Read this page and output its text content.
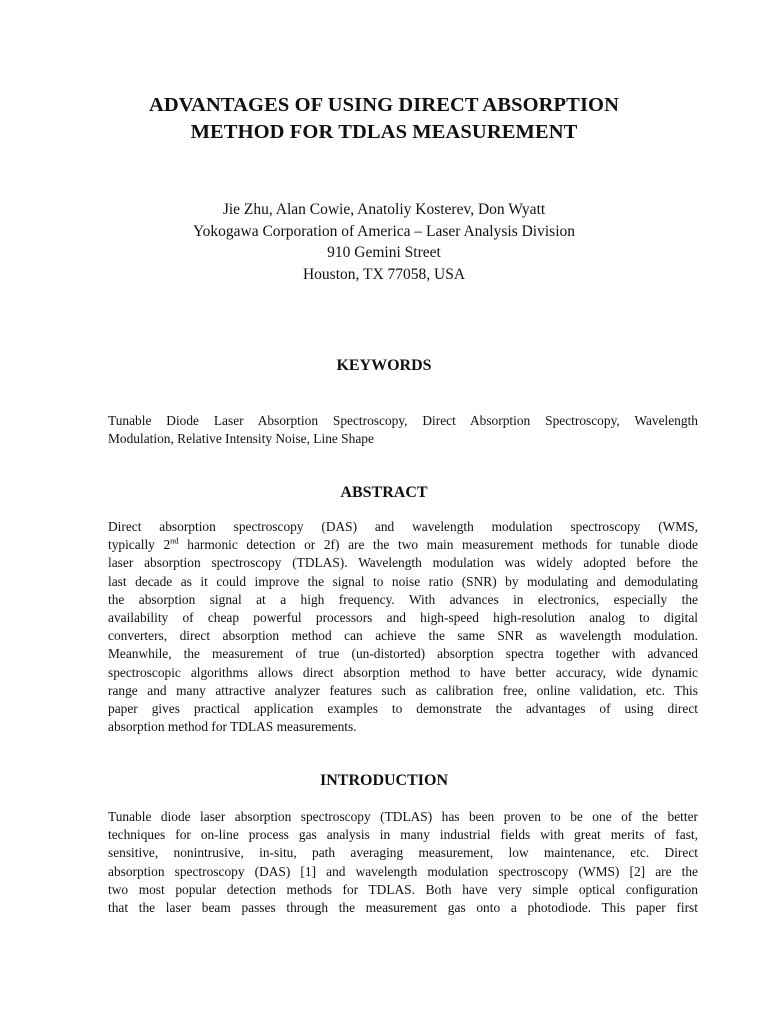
ADVANTAGES OF USING DIRECT ABSORPTION
METHOD FOR TDLAS MEASUREMENT
Jie Zhu, Alan Cowie, Anatoliy Kosterev, Don Wyatt
Yokogawa Corporation of America – Laser Analysis Division
910 Gemini Street
Houston, TX 77058, USA
KEYWORDS
Tunable Diode Laser Absorption Spectroscopy, Direct Absorption Spectroscopy, Wavelength
Modulation, Relative Intensity Noise, Line Shape
ABSTRACT
Direct absorption spectroscopy (DAS) and wavelength modulation spectroscopy (WMS,
typically 2nd harmonic detection or 2f) are the two main measurement methods for tunable diode
laser absorption spectroscopy (TDLAS). Wavelength modulation was widely adopted before the
last decade as it could improve the signal to noise ratio (SNR) by modulating and demodulating
the absorption signal at a high frequency. With advances in electronics, especially the
availability of cheap powerful processors and high-speed high-resolution analog to digital
converters, direct absorption method can achieve the same SNR as wavelength modulation.
Meanwhile, the measurement of true (un-distorted) absorption spectra together with advanced
spectroscopic algorithms allows direct absorption method to have better accuracy, wide dynamic
range and many attractive analyzer features such as calibration free, online validation, etc. This
paper gives practical application examples to demonstrate the advantages of using direct
absorption method for TDLAS measurements.
INTRODUCTION
Tunable diode laser absorption spectroscopy (TDLAS) has been proven to be one of the better
techniques for on-line process gas analysis in many industrial fields with great merits of fast,
sensitive, nonintrusive, in-situ, path averaging measurement, low maintenance, etc. Direct
absorption spectroscopy (DAS) [1] and wavelength modulation spectroscopy (WMS) [2] are the
two most popular detection methods for TDLAS. Both have very simple optical configuration
that the laser beam passes through the measurement gas onto a photodiode. This paper first
